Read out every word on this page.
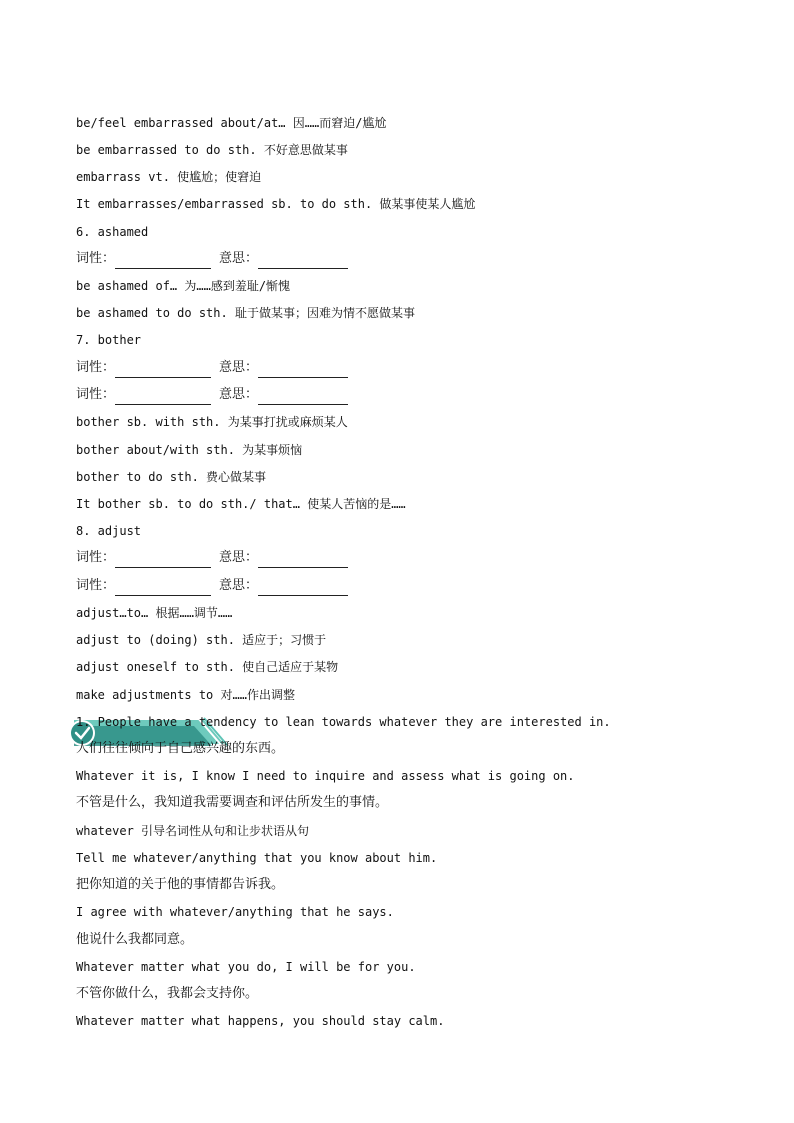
be/feel embarrassed about/at… 因……而窘迫/尴尬
be embarrassed to do sth. 不好意思做某事
embarrass vt. 使尴尬；使窘迫
It embarrasses/embarrassed sb. to do sth. 做某事使某人尴尬
6. ashamed
词性：	意思：
be ashamed of… 为……感到羞耻/惭愧
be ashamed to do sth. 耻于做某事；因难为情不愿做某事
7. bother
词性：	意思：
词性：	意思：
bother sb. with sth. 为某事打扰或麻烦某人
bother about/with sth. 为某事烦恼
bother to do sth. 费心做某事
It bother sb. to do sth./ that… 使某人苦恼的是……
8. adjust
词性：	意思：
词性：	意思：
adjust…to… 根据……调节……
adjust to (doing) sth. 适应于；习惯于
adjust oneself to sth. 使自己适应于某物
make adjustments to 对……作出调整
1. People have a tendency to lean towards whatever they are interested in.
人们往往倾向于自己感兴趣的东西。
Whatever it is, I know I need to inquire and assess what is going on.
不管是什么，我知道我需要调查和评估所发生的事情。
whatever 引导名词性从句和让步状语从句
Tell me whatever/anything that you know about him.
把你知道的关于他的事情都告诉我。
I agree with whatever/anything that he says.
他说什么我都同意。
Whatever matter what you do, I will be for you.
不管你做什么，我都会支持你。
Whatever matter what happens, you should stay calm.
